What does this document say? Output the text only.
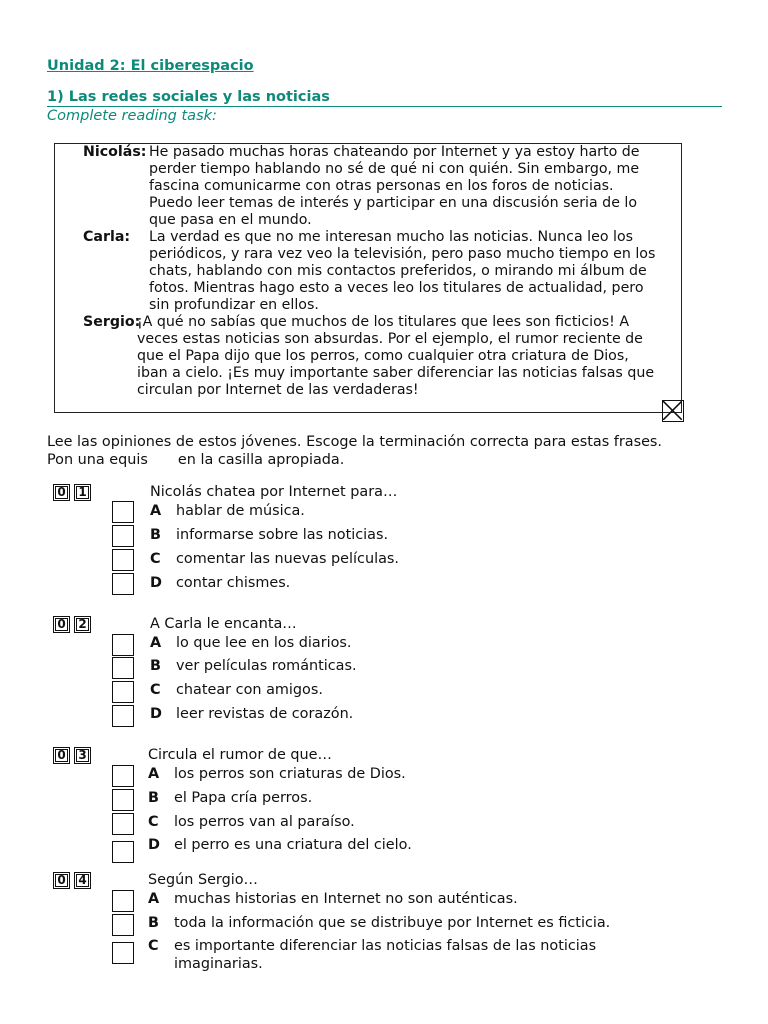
Unidad 2: El ciberespacio
1) Las redes sociales y las noticias
Complete reading task:
Nicolás: He pasado muchas horas chateando por Internet y ya estoy harto de perder tiempo hablando no sé de qué ni con quién. Sin embargo, me fascina comunicarme con otras personas en los foros de noticias. Puedo leer temas de interés y participar en una discusión seria de lo que pasa en el mundo.
Carla: La verdad es que no me interesan mucho las noticias. Nunca leo los periódicos, y rara vez veo la televisión, pero paso mucho tiempo en los chats, hablando con mis contactos preferidos, o mirando mi álbum de fotos. Mientras hago esto a veces leo los titulares de actualidad, pero sin profundizar en ellos.
Sergio:
¡A qué no sabías que muchos de los titulares que lees son ficticios! A veces estas noticias son absurdas. Por el ejemplo, el rumor reciente de que el Papa dijo que los perros, como cualquier otra criatura de Dios, iban a cielo. ¡Es muy importante saber diferenciar las noticias falsas que circulan por Internet de las verdaderas!
Lee las opiniones de estos jóvenes. Escoge la terminación correcta para estas frases.
Pon una equis en la casilla apropiada.
0	1	Nicolás chatea por Internet para…
A hablar de música.
B informarse sobre las noticias.
C comentar las nuevas películas.
D contar chismes.
0	2	A Carla le encanta…
A lo que lee en los diarios.
B ver películas románticas.
C chatear con amigos.
D leer revistas de corazón.
0	3	Circula el rumor de que…
A los perros son criaturas de Dios.
B el Papa cría perros.
C los perros van al paraíso.
D el perro es una criatura del cielo.
0	4	Según Sergio…
A muchas historias en Internet no son auténticas.
B toda la información que se distribuye por Internet es ficticia.
C es importante diferenciar las noticias falsas de las noticias
imaginarias.
